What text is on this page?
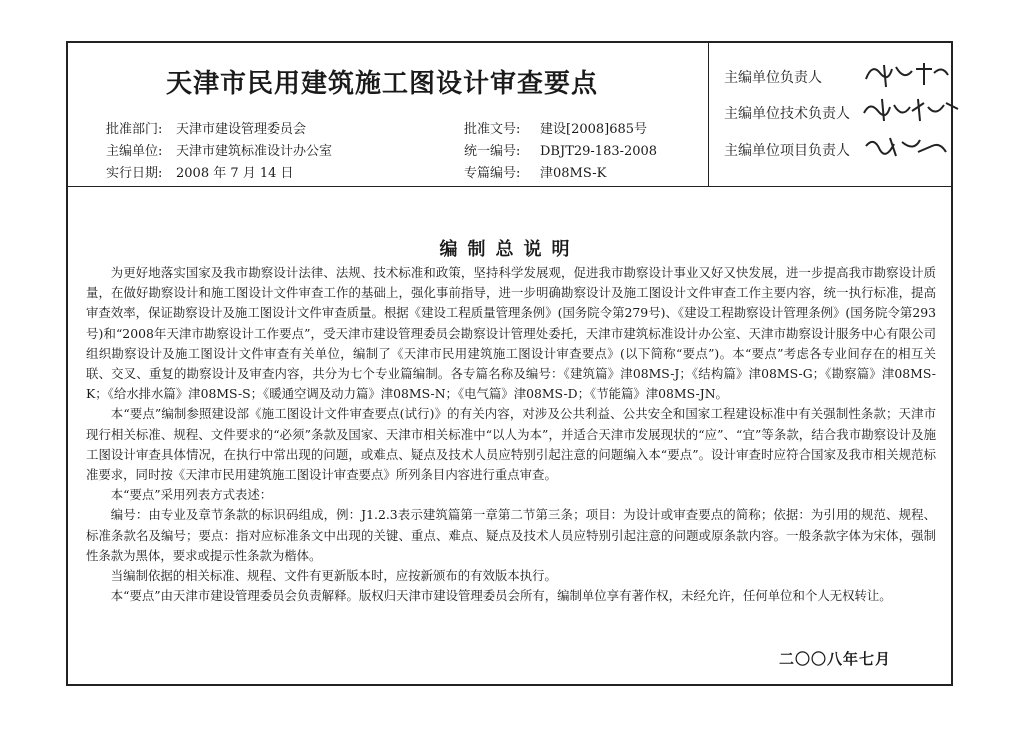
天津市民用建筑施工图设计审查要点
批准部门: 天津市建设管理委员会
主编单位: 天津市建筑标准设计办公室
实行日期: 2008 年 7 月 14 日
批准文号: 建设[2008]685号
统一编号: DBJT29-183-2008
专篇编号: 津08MS-K
主编单位负责人
主编单位技术负责人
主编单位项目负责人
编制总说明

为更好地落实国家及我市勘察设计法律、法规、技术标准和政策，坚持科学发展观，促进我市勘察设计事业又好又快发展，进一步提高我市勘察设计质量，在做好勘察设计和施工图设计文件审查工作的基础上，强化事前指导，进一步明确勘察设计及施工图设计文件审查工作主要内容，统一执行标准，提高审查效率，保证勘察设计及施工图设计文件审查质量。根据《建设工程质量管理条例》(国务院令第279号)、《建设工程勘察设计管理条例》(国务院令第293号)和“2008年天津市勘察设计工作要点”，受天津市建设管理委员会勘察设计管理处委托，天津市建筑标准设计办公室、天津市勘察设计服务中心有限公司组织勘察设计及施工图设计文件审查有关单位，编制了《天津市民用建筑施工图设计审查要点》(以下简称“要点”)。本“要点”考虑各专业间存在的相互关联、交叉、重复的勘察设计及审查内容，共分为七个专业篇编制。各专篇名称及编号：《建筑篇》津08MS-J；《结构篇》津08MS-G；《勘察篇》津08MS-K；《给水排水篇》津08MS-S；《暖通空调及动力篇》津08MS-N；《电气篇》津08MS-D；《节能篇》津08MS-JN。

本“要点”编制参照建设部《施工图设计文件审查要点(试行)》的有关内容，对涉及公共利益、公共安全和国家工程建设标准中有关强制性条款；天津市现行相关标准、规程、文件要求的“必须”条款及国家、天津市相关标准中“以人为本”，并适合天津市发展现状的“应”、“宜”等条款，结合我市勘察设计及施工图设计审查具体情况，在执行中常出现的问题，或难点、疑点及技术人员应特别引起注意的问题编入本“要点”。设计审查时应符合国家及我市相关规范标准要求，同时按《天津市民用建筑施工图设计审查要点》所列条目内容进行重点审查。

本“要点”采用列表方式表述：

编号：由专业及章节条款的标识码组成，例：J1.2.3表示建筑篇第一章第二节第三条；项目：为设计或审查要点的简称；依据：为引用的规范、规程、标准条款名及编号；要点：指对应标准条文中出现的关键、重点、难点、疑点及技术人员应特别引起注意的问题或原条款内容。一般条款字体为宋体，强制性条款为黑体，要求或提示性条款为楷体。

当编制依据的相关标准、规程、文件有更新版本时，应按新颁布的有效版本执行。

本“要点”由天津市建设管理委员会负责解释。版权归天津市建设管理委员会所有，编制单位享有著作权，未经允许，任何单位和个人无权转让。

二〇〇八年七月
